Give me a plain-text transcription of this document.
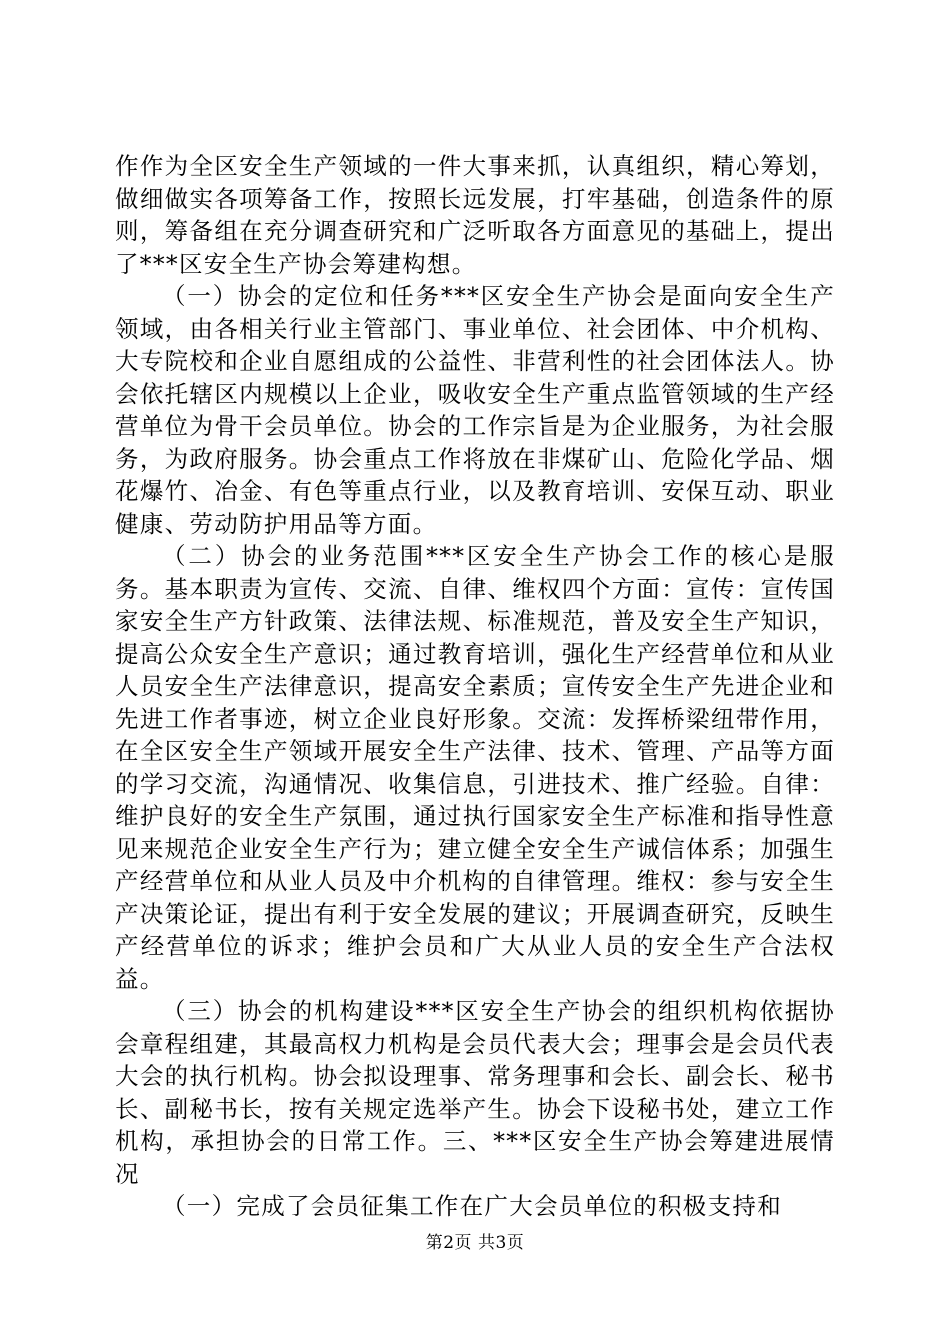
作作为全区安全生产领域的一件大事来抓，认真组织，精心筹划，做细做实各项筹备工作，按照长远发展，打牢基础，创造条件的原则，筹备组在充分调查研究和广泛听取各方面意见的基础上，提出了***区安全生产协会筹建构想。

（一）协会的定位和任务***区安全生产协会是面向安全生产领域，由各相关行业主管部门、事业单位、社会团体、中介机构、大专院校和企业自愿组成的公益性、非营利性的社会团体法人。协会依托辖区内规模以上企业，吸收安全生产重点监管领域的生产经营单位为骨干会员单位。协会的工作宗旨是为企业服务，为社会服务，为政府服务。协会重点工作将放在非煤矿山、危险化学品、烟花爆竹、冶金、有色等重点行业，以及教育培训、安保互动、职业健康、劳动防护用品等方面。

（二）协会的业务范围***区安全生产协会工作的核心是服务。基本职责为宣传、交流、自律、维权四个方面：宣传：宣传国家安全生产方针政策、法律法规、标准规范，普及安全生产知识，提高公众安全生产意识；通过教育培训，强化生产经营单位和从业人员安全生产法律意识，提高安全素质；宣传安全生产先进企业和先进工作者事迹，树立企业良好形象。交流：发挥桥梁纽带作用，在全区安全生产领域开展安全生产法律、技术、管理、产品等方面的学习交流，沟通情况、收集信息，引进技术、推广经验。自律：维护良好的安全生产氛围，通过执行国家安全生产标准和指导性意见来规范企业安全生产行为；建立健全安全生产诚信体系；加强生产经营单位和从业人员及中介机构的自律管理。维权：参与安全生产决策论证，提出有利于安全发展的建议；开展调查研究，反映生产经营单位的诉求；维护会员和广大从业人员的安全生产合法权益。

（三）协会的机构建设***区安全生产协会的组织机构依据协会章程组建，其最高权力机构是会员代表大会；理事会是会员代表大会的执行机构。协会拟设理事、常务理事和会长、副会长、秘书长、副秘书长，按有关规定选举产生。协会下设秘书处，建立工作机构，承担协会的日常工作。三、***区安全生产协会筹建进展情况

（一）完成了会员征集工作在广大会员单位的积极支持和

第2页 共3页
